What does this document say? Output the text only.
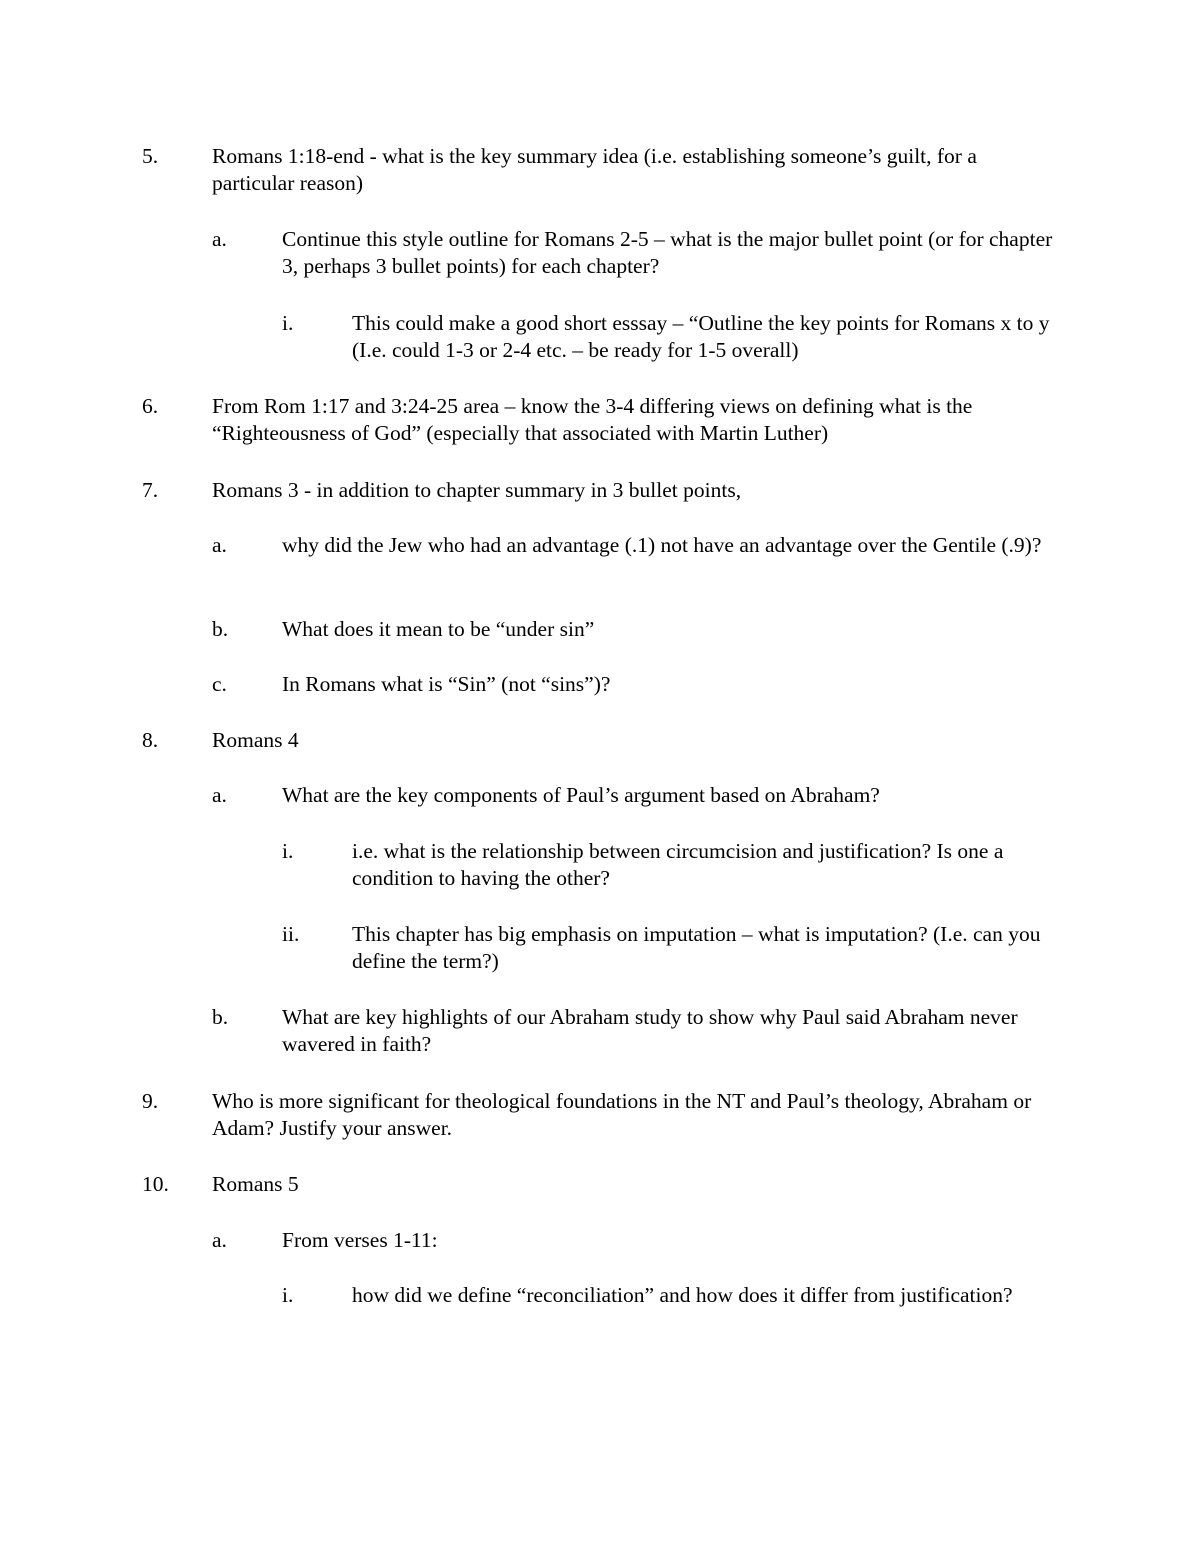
5.	Romans 1:18-end - what is the key summary idea (i.e. establishing someone’s guilt, for a particular reason)
a.	Continue this style outline for Romans 2-5 – what is the major bullet point (or for chapter 3, perhaps 3 bullet points) for each chapter?
i.	This could make a good short esssay – “Outline the key points for Romans x to y (I.e. could 1-3 or 2-4 etc. – be ready for 1-5 overall)
6.	From Rom 1:17 and 3:24-25 area – know the 3-4 differing views on defining what is the “Righteousness of God” (especially that associated with Martin Luther)
7.	Romans 3 - in addition to chapter summary in 3 bullet points,
a.	why did the Jew who had an advantage (.1) not have an advantage over the Gentile (.9)?
b.	What does it mean to be “under sin”
c.	In Romans what is “Sin” (not “sins”)?
8.	Romans 4
a.	What are the key components of Paul’s argument based on Abraham?
i.	i.e. what is the relationship between circumcision and justification? Is one a condition to having the other?
ii. This chapter has big emphasis on imputation – what is imputation? (I.e. can you define the term?)
b.	What are key highlights of our Abraham study to show why Paul said Abraham never wavered in faith?
9.	Who is more significant for theological foundations in the NT and Paul’s theology, Abraham or Adam? Justify your answer.
10. Romans 5
a.	From verses 1-11:
i.	how did we define “reconciliation” and how does it differ from justification?
